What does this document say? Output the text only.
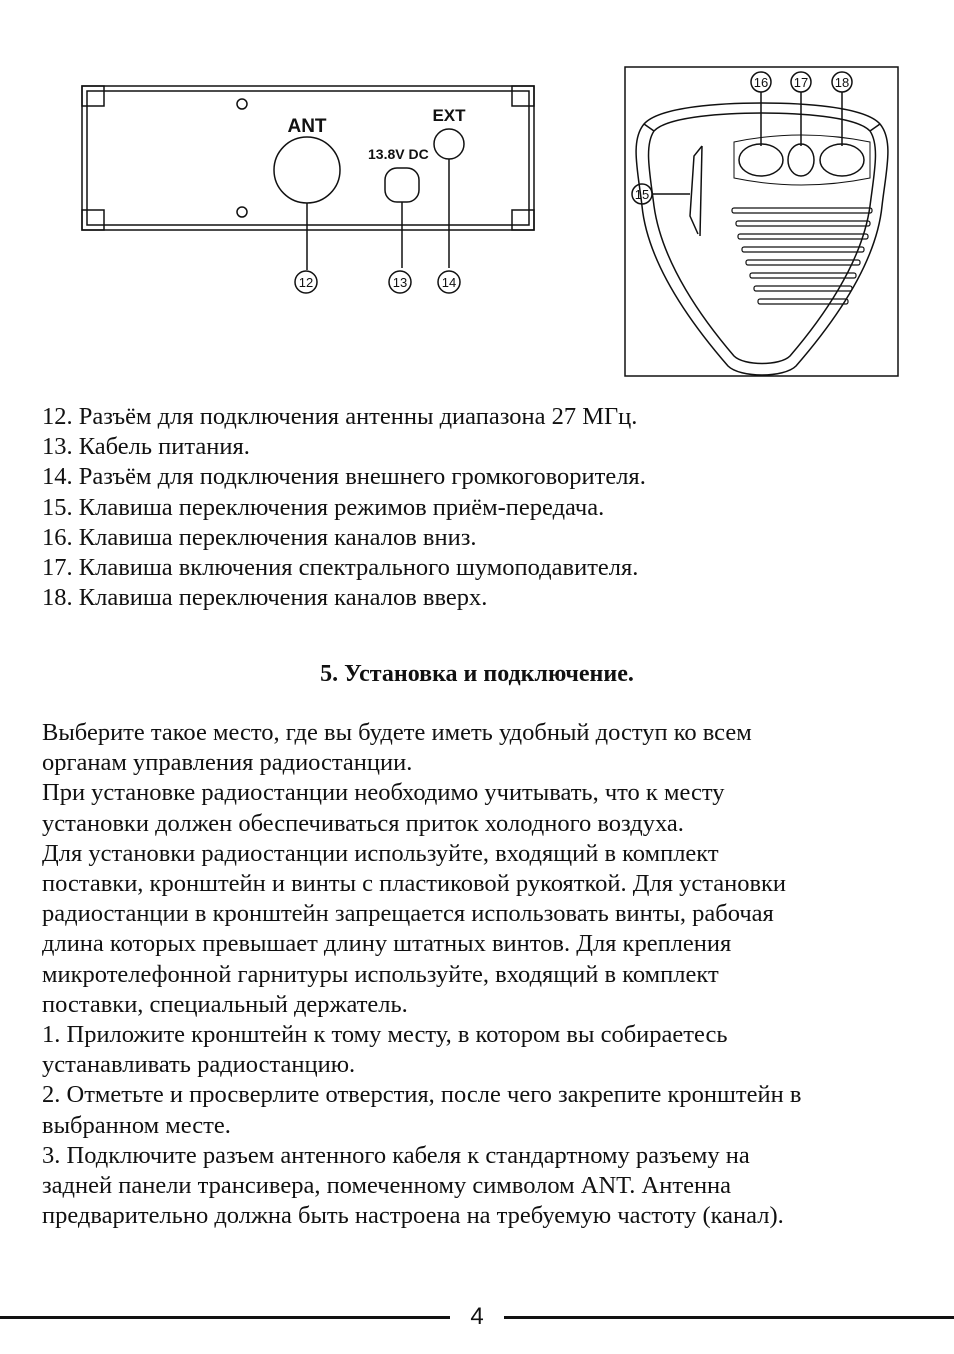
ANT
EXT
13.8V DC
12	13	14
16 17 18
15
12. Разъём для подключения антенны диапазона 27 МГц.
13. Кабель питания.
14. Разъём для подключения внешнего громкоговорителя.
15. Клавиша переключения режимов приём-передача.
16. Клавиша переключения каналов вниз.
17. Клавиша включения спектрального шумоподавителя.
18. Клавиша переключения каналов вверх.
5. Установка и подключение.
Выберите такое место, где вы будете иметь удобный доступ ко всем
органам управления радиостанции.
При установке радиостанции необходимо учитывать, что к месту
установки должен обеспечиваться приток холодного воздуха.
Для установки радиостанции используйте, входящий в комплект
поставки, кронштейн и винты с пластиковой рукояткой. Для установки
радиостанции в кронштейн запрещается использовать винты, рабочая
длина которых превышает длину штатных винтов. Для крепления
микротелефонной гарнитуры используйте, входящий в комплект
поставки, специальный держатель.
1. Приложите кронштейн к тому месту, в котором вы собираетесь
устанавливать радиостанцию.
2. Отметьте и просверлите отверстия, после чего закрепите кронштейн в
выбранном месте.
3. Подключите разъем антенного кабеля к стандартному разъему на
задней панели трансивера, помеченному символом ANT. Антенна
предварительно должна быть настроена на требуемую частоту (канал).
4
